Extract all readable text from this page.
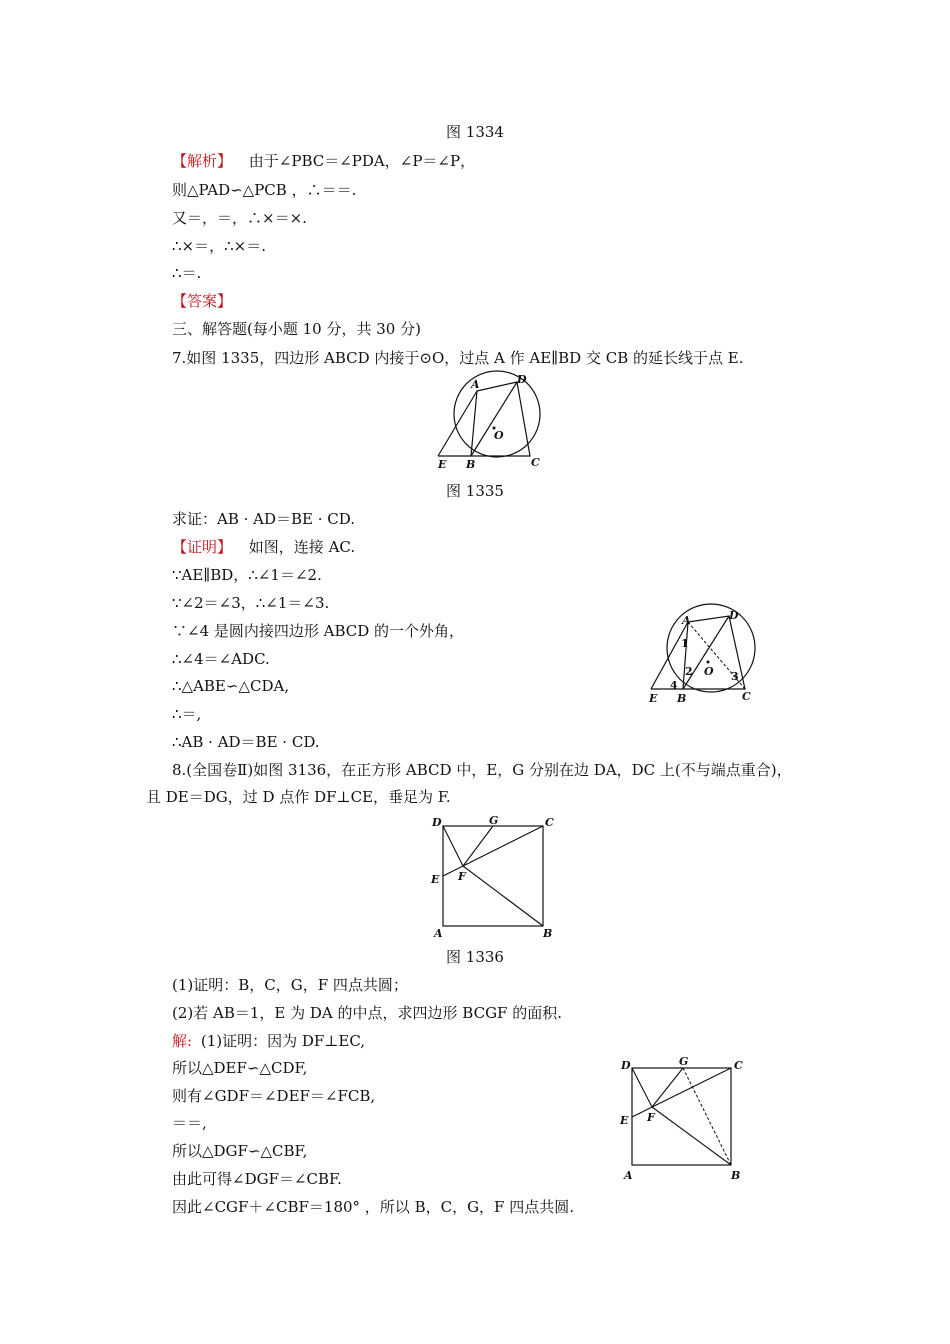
图 1334
【解析】 由于∠PBC＝∠PDA，∠P＝∠P，
则△PAD∽△PCB ，∴＝＝.
又＝，＝，∴×＝×.
∴×＝，∴×＝.
∴＝.
【答案】
三、解答题(每小题 10 分，共 30 分)
7.如图 1335，四边形 ABCD 内接于⊙O，过点 A 作 AE∥BD 交 CB 的延长线于点 E.
A	D
O
E B	C
图 1335
求证：AB · AD＝BE · CD.
【证明】 如图，连接 AC.
∵AE∥BD，∴∠1＝∠2.
∵∠2＝∠3，∴∠1＝∠3.
∵∠4 是圆内接四边形 ABCD 的一个外角，
∴∠4＝∠ADC.
∴△ABE∽△CDA,
∴＝,
∴AB · AD＝BE · CD.
A	D
O
E B	C
1
2	3
4
8.(全国卷Ⅱ)如图 3136，在正方形 ABCD 中，E，G 分别在边 DA，DC 上(不与端点重合)，
且 DE＝DG，过 D 点作 DF⊥CE，垂足为 F.
D	G	C
E F
A	B
图 1336
(1)证明：B，C，G，F 四点共圆；
(2)若 AB＝1，E 为 DA 的中点，求四边形 BCGF 的面积.
解: (1)证明：因为 DF⊥EC,
所以△DEF∽△CDF,
则有∠GDF＝∠DEF＝∠FCB,
＝＝,
所以△DGF∽△CBF,
由此可得∠DGF＝∠CBF.
因此∠CGF＋∠CBF＝180° ，所以 B，C，G，F 四点共圆.
D	G	C
E F
A	B
